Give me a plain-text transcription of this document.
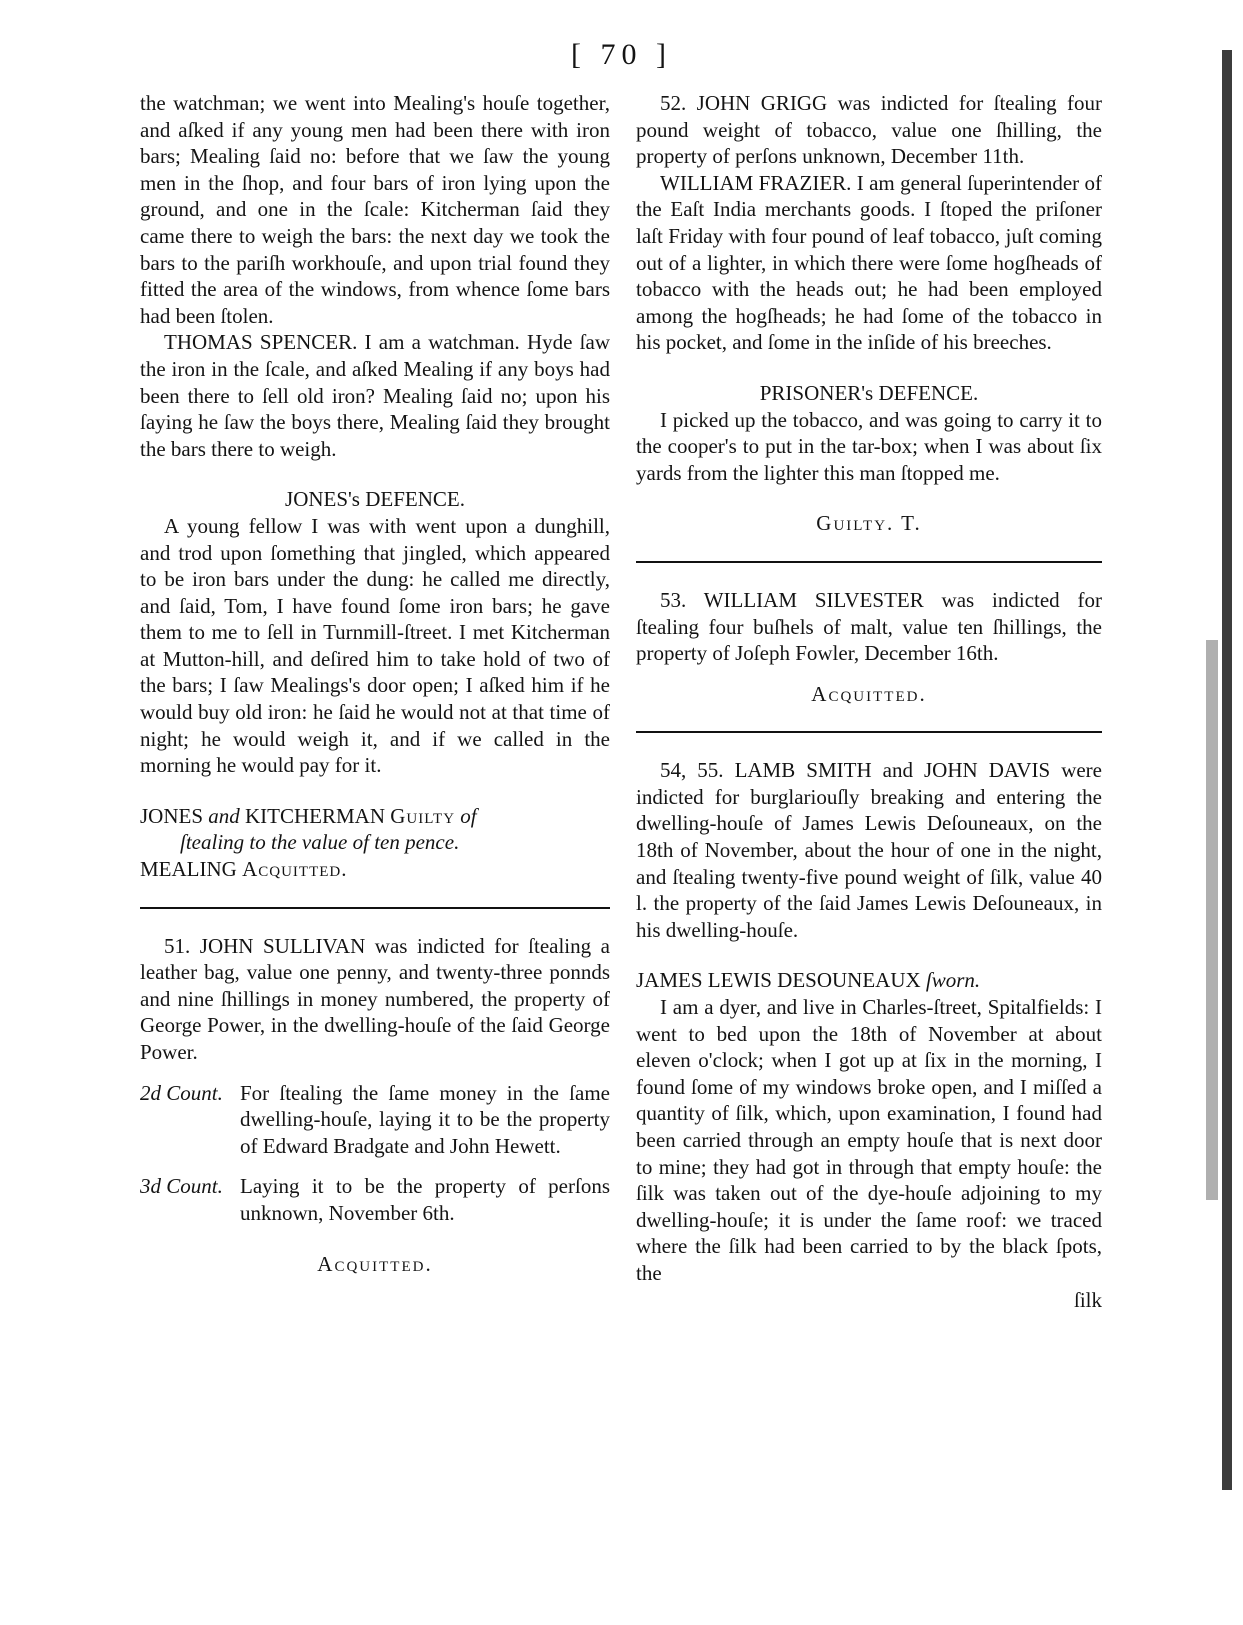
[ 70 ]

the watchman; we went into Mealing's houſe together, and aſked if any young men had been there with iron bars; Mealing ſaid no: before that we ſaw the young men in the ſhop, and four bars of iron lying upon the ground, and one in the ſcale: Kitcherman ſaid they came there to weigh the bars: the next day we took the bars to the pariſh workhouſe, and upon trial found they fitted the area of the windows, from whence ſome bars had been ſtolen.

THOMAS SPENCER. I am a watchman. Hyde ſaw the iron in the ſcale, and aſked Mealing if any boys had been there to ſell old iron? Mealing ſaid no; upon his ſaying he ſaw the boys there, Mealing ſaid they brought the bars there to weigh.

JONES's DEFENCE.

A young fellow I was with went upon a dunghill, and trod upon ſomething that jingled, which appeared to be iron bars under the dung: he called me directly, and ſaid, Tom, I have found ſome iron bars; he gave them to me to ſell in Turnmill-ſtreet. I met Kitcherman at Mutton-hill, and deſired him to take hold of two of the bars; I ſaw Mealings's door open; I aſked him if he would buy old iron: he ſaid he would not at that time of night; he would weigh it, and if we called in the morning he would pay for it.

JONES and KITCHERMAN Guilty of
ſtealing to the value of ten pence.
MEALING Acquitted.

51. JOHN SULLIVAN was indicted for ſtealing a leather bag, value one penny, and twenty-three ponnds and nine ſhillings in money numbered, the property of George Power, in the dwelling-houſe of the ſaid George Power.

2d Count. For ſtealing the ſame money in the ſame dwelling-houſe, laying it to be the property of Edward Bradgate and John Hewett.
3d Count. Laying it to be the property of perſons unknown, November 6th.

Acquitted.

52. JOHN GRIGG was indicted for ſtealing four pound weight of tobacco, value one ſhilling, the property of perſons unknown, December 11th.

WILLIAM FRAZIER. I am general ſuperintender of the Eaſt India merchants goods. I ſtoped the priſoner laſt Friday with four pound of leaf tobacco, juſt coming out of a lighter, in which there were ſome hogſheads of tobacco with the heads out; he had been employed among the hogſheads; he had ſome of the tobacco in his pocket, and ſome in the inſide of his breeches.

PRISONER's DEFENCE.

I picked up the tobacco, and was going to carry it to the cooper's to put in the tar-box; when I was about ſix yards from the lighter this man ſtopped me.

Guilty. T.

53. WILLIAM SILVESTER was indicted for ſtealing four buſhels of malt, value ten ſhillings, the property of Joſeph Fowler, December 16th.

Acquitted.

54, 55. LAMB SMITH and JOHN DAVIS were indicted for burglariouſly breaking and entering the dwelling-houſe of James Lewis Deſouneaux, on the 18th of November, about the hour of one in the night, and ſtealing twenty-five pound weight of ſilk, value 40 l. the property of the ſaid James Lewis Deſouneaux, in his dwelling-houſe.

JAMES LEWIS DESOUNEAUX ſworn.

I am a dyer, and live in Charles-ſtreet, Spitalfields: I went to bed upon the 18th of November at about eleven o'clock; when I got up at ſix in the morning, I found ſome of my windows broke open, and I miſſed a quantity of ſilk, which, upon examination, I found had been carried through an empty houſe that is next door to mine; they had got in through that empty houſe: the ſilk was taken out of the dye-houſe adjoining to my dwelling-houſe; it is under the ſame roof: we traced where the ſilk had been carried to by the black ſpots, the

ſilk
